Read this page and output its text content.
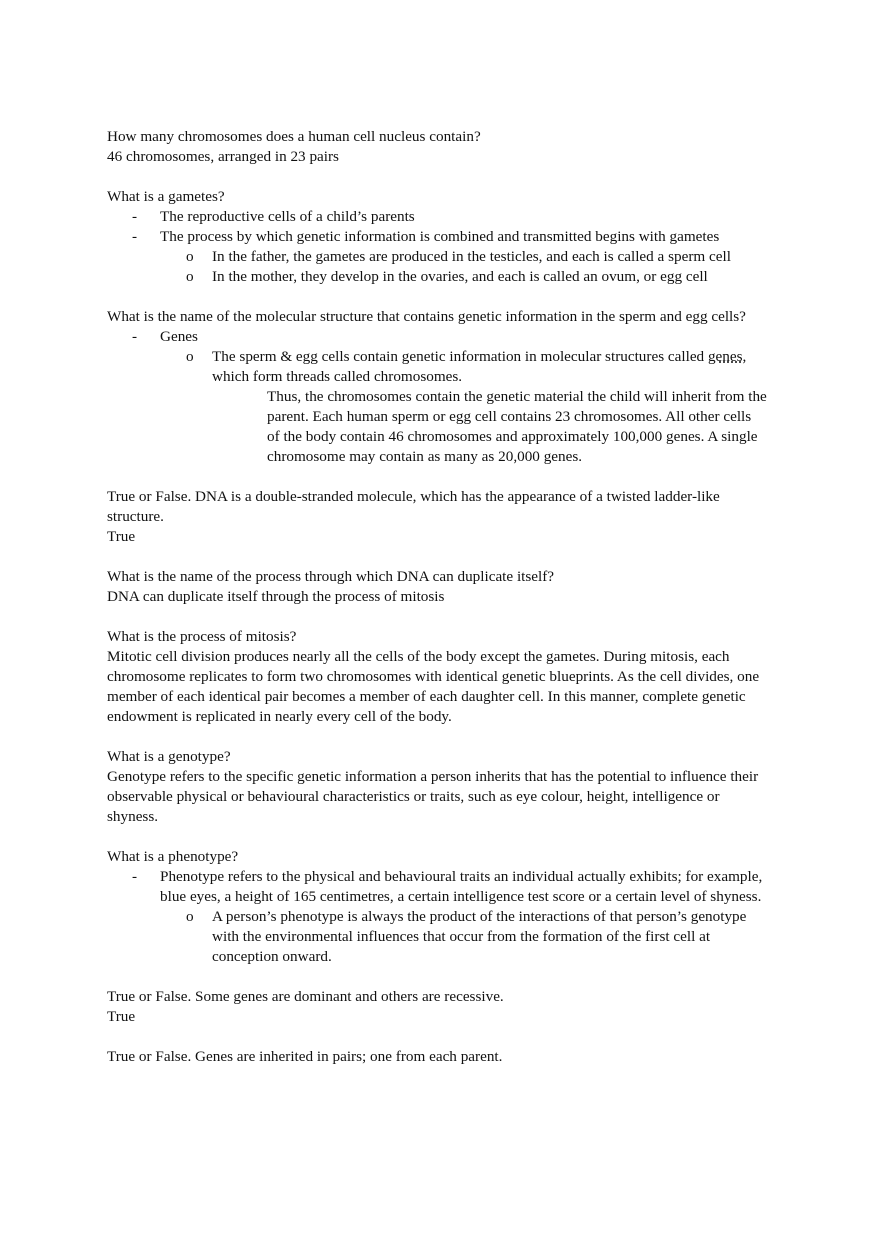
How many chromosomes does a human cell nucleus contain?

46 chromosomes, arranged in 23 pairs

What is a gametes?

- The reproductive cells of a child’s parents
- The process by which genetic information is combined and transmitted begins with gametes
o In the father, the gametes are produced in the testicles, and each is called a sperm cell
o In the mother, they develop in the ovaries, and each is called an ovum, or egg cell

What is the name of the molecular structure that contains genetic information in the sperm and egg cells?

- Genes
o The sperm & egg cells contain genetic information in molecular structures called genes, which form threads called chromosomes.
Thus, the chromosomes contain the genetic material the child will inherit from the parent. Each human sperm or egg cell contains 23 chromosomes. All other cells of the body contain 46 chromosomes and approximately 100,000 genes. A single chromosome may contain as many as 20,000 genes.

True or False. DNA is a double-stranded molecule, which has the appearance of a twisted ladder-like structure.

True

What is the name of the process through which DNA can duplicate itself?

DNA can duplicate itself through the process of mitosis

What is the process of mitosis?

Mitotic cell division produces nearly all the cells of the body except the gametes. During mitosis, each chromosome replicates to form two chromosomes with identical genetic blueprints. As the cell divides, one member of each identical pair becomes a member of each daughter cell. In this manner, complete genetic endowment is replicated in nearly every cell of the body.

What is a genotype?

Genotype refers to the specific genetic information a person inherits that has the potential to influence their observable physical or behavioural characteristics or traits, such as eye colour, height, intelligence or shyness.

What is a phenotype?

- Phenotype refers to the physical and behavioural traits an individual actually exhibits; for example, blue eyes, a height of 165 centimetres, a certain intelligence test score or a certain level of shyness.
o A person’s phenotype is always the product of the interactions of that person’s genotype with the environmental influences that occur from the formation of the first cell at conception onward.

True or False. Some genes are dominant and others are recessive.

True

True or False. Genes are inherited in pairs; one from each parent.
